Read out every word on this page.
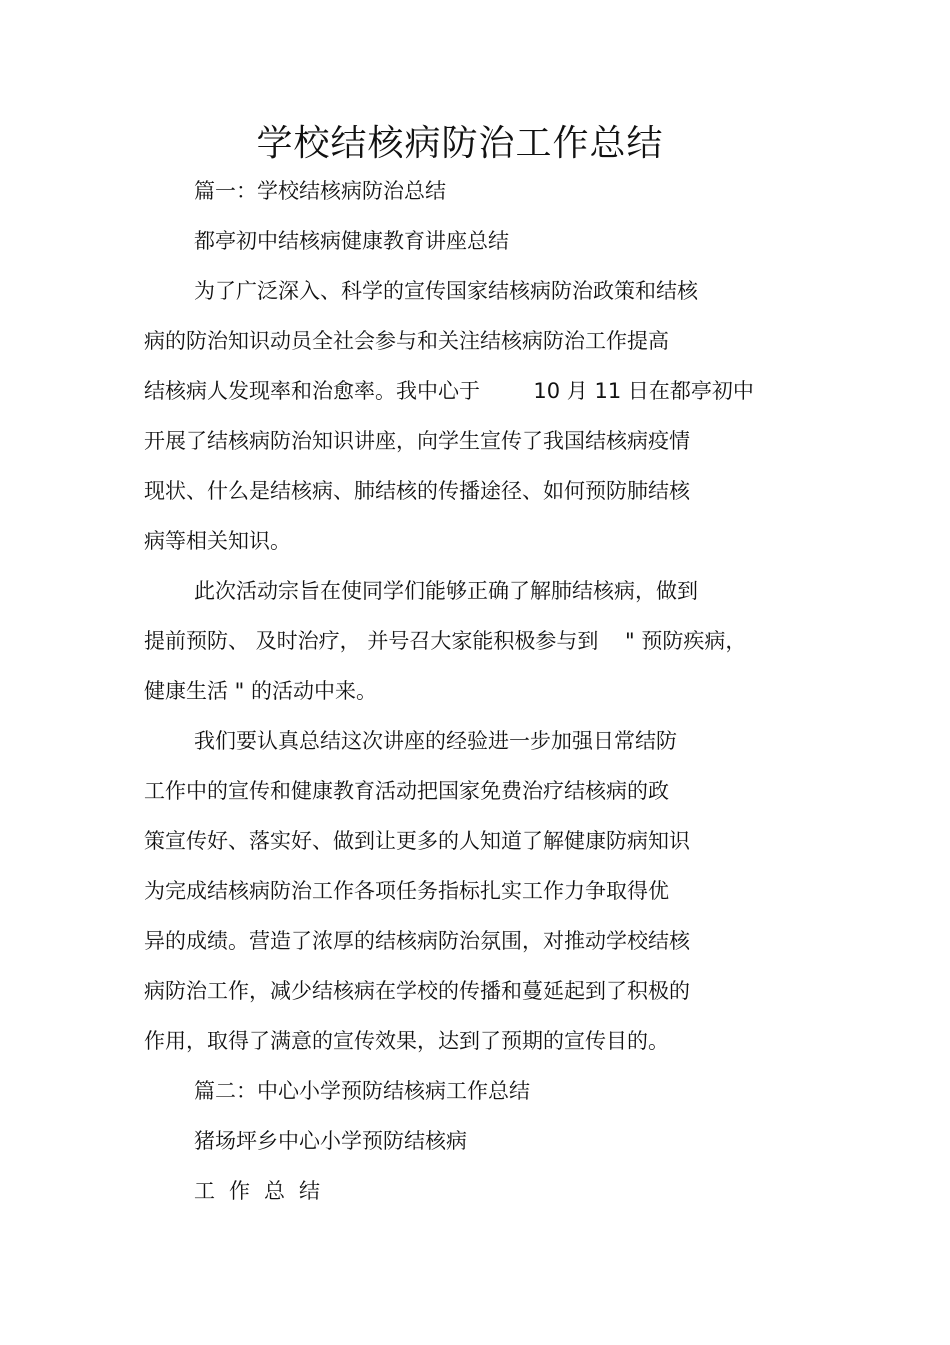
学校结核病防治工作总结
篇一：学校结核病防治总结
都亭初中结核病健康教育讲座总结
为了广泛深入、科学的宣传国家结核病防治政策和结核
病的防治知识动员全社会参与和关注结核病防治工作提高
结核病人发现率和治愈率。我中心于        10 月 11 日在都亭初中
开展了结核病防治知识讲座，向学生宣传了我国结核病疫情
现状、什么是结核病、肺结核的传播途径、如何预防肺结核
病等相关知识。
此次活动宗旨在使同学们能够正确了解肺结核病，做到
提前预防、 及时治疗， 并号召大家能积极参与到    " 预防疾病，
健康生活 " 的活动中来。
我们要认真总结这次讲座的经验进一步加强日常结防
工作中的宣传和健康教育活动把国家免费治疗结核病的政
策宣传好、落实好、做到让更多的人知道了解健康防病知识
为完成结核病防治工作各项任务指标扎实工作力争取得优
异的成绩。营造了浓厚的结核病防治氛围，对推动学校结核
病防治工作，减少结核病在学校的传播和蔓延起到了积极的
作用，取得了满意的宣传效果，达到了预期的宣传目的。
篇二：中心小学预防结核病工作总结
猪场坪乡中心小学预防结核病
工作总结
